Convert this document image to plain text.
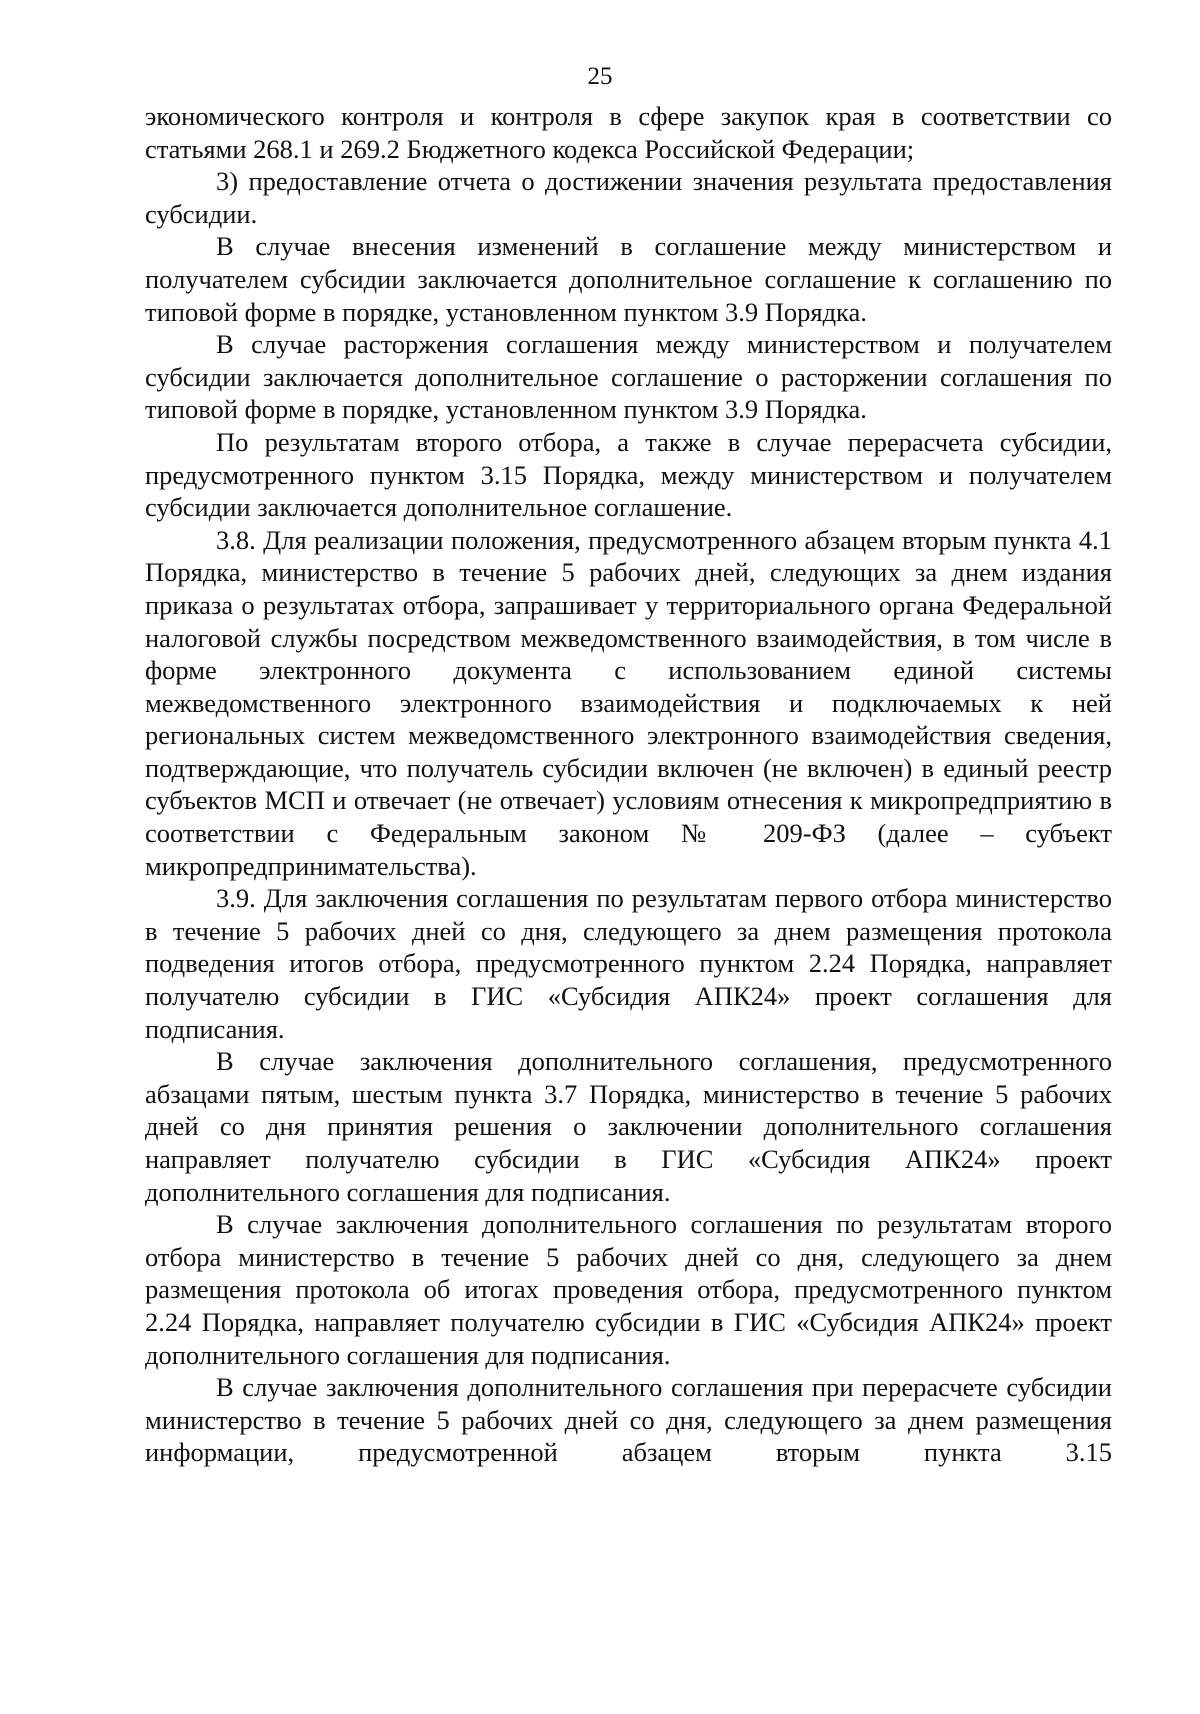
25

экономического контроля и контроля в сфере закупок края в соответствии со статьями 268.1 и 269.2 Бюджетного кодекса Российской Федерации;

3) предоставление отчета о достижении значения результата предоставления субсидии.

В случае внесения изменений в соглашение между министерством и получателем субсидии заключается дополнительное соглашение к соглашению по типовой форме в порядке, установленном пунктом 3.9 Порядка.

В случае расторжения соглашения между министерством и получателем субсидии заключается дополнительное соглашение о расторжении соглашения по типовой форме в порядке, установленном пунктом 3.9 Порядка.

По результатам второго отбора, а также в случае перерасчета субсидии, предусмотренного пунктом 3.15 Порядка, между министерством и получателем субсидии заключается дополнительное соглашение.

3.8. Для реализации положения, предусмотренного абзацем вторым пункта 4.1 Порядка, министерство в течение 5 рабочих дней, следующих за днем издания приказа о результатах отбора, запрашивает у территориального органа Федеральной налоговой службы посредством межведомственного взаимодействия, в том числе в форме электронного документа с использованием единой системы межведомственного электронного взаимодействия и подключаемых к ней региональных систем межведомственного электронного взаимодействия сведения, подтверждающие, что получатель субсидии включен (не включен) в единый реестр субъектов МСП и отвечает (не отвечает) условиям отнесения к микропредприятию в соответствии с Федеральным законом № 209-ФЗ (далее – субъект микропредпринимательства).

3.9. Для заключения соглашения по результатам первого отбора министерство в течение 5 рабочих дней со дня, следующего за днем размещения протокола подведения итогов отбора, предусмотренного пунктом 2.24 Порядка, направляет получателю субсидии в ГИС «Субсидия АПК24» проект соглашения для подписания.

В случае заключения дополнительного соглашения, предусмотренного абзацами пятым, шестым пункта 3.7 Порядка, министерство в течение 5 рабочих дней со дня принятия решения о заключении дополнительного соглашения направляет получателю субсидии в ГИС «Субсидия АПК24» проект дополнительного соглашения для подписания.

В случае заключения дополнительного соглашения по результатам второго отбора министерство в течение 5 рабочих дней со дня, следующего за днем размещения протокола об итогах проведения отбора, предусмотренного пунктом 2.24 Порядка, направляет получателю субсидии в ГИС «Субсидия АПК24» проект дополнительного соглашения для подписания.

В случае заключения дополнительного соглашения при перерасчете субсидии министерство в течение 5 рабочих дней со дня, следующего за днем размещения информации, предусмотренной абзацем вторым пункта 3.15
